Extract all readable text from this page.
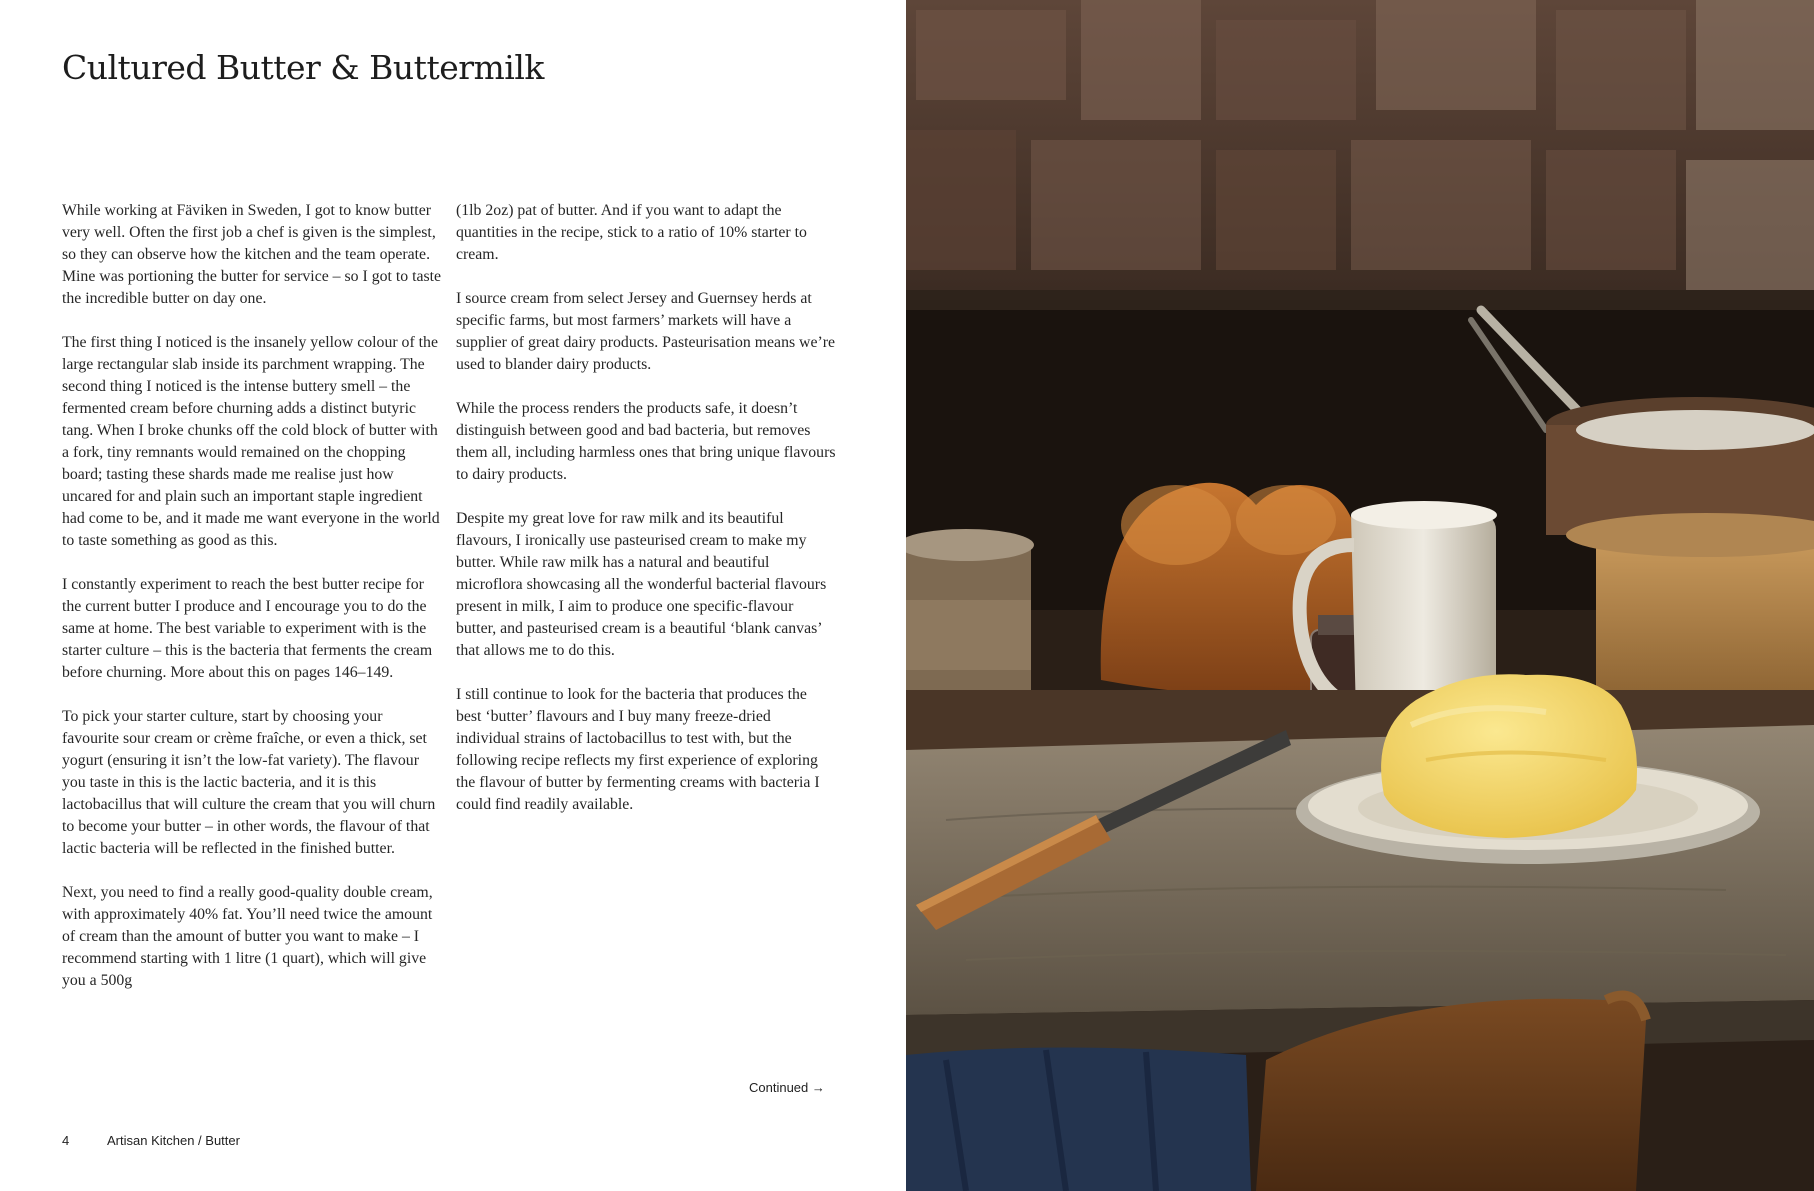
Cultured Butter & Buttermilk

While working at Fäviken in Sweden, I got to know butter very well. Often the first job a chef is given is the simplest, so they can observe how the kitchen and the team operate. Mine was portioning the butter for service – so I got to taste the incredible butter on day one.

The first thing I noticed is the insanely yellow colour of the large rectangular slab inside its parchment wrapping. The second thing I noticed is the intense buttery smell – the fermented cream before churning adds a distinct butyric tang. When I broke chunks off the cold block of butter with a fork, tiny remnants would remained on the chopping board; tasting these shards made me realise just how uncared for and plain such an important staple ingredient had come to be, and it made me want everyone in the world to taste something as good as this.

I constantly experiment to reach the best butter recipe for the current butter I produce and I encourage you to do the same at home. The best variable to experiment with is the starter culture – this is the bacteria that ferments the cream before churning. More about this on pages 146–149.

To pick your starter culture, start by choosing your favourite sour cream or crème fraîche, or even a thick, set yogurt (ensuring it isn’t the low-fat variety). The flavour you taste in this is the lactic bacteria, and it is this lactobacillus that will culture the cream that you will churn to become your butter – in other words, the flavour of that lactic bacteria will be reflected in the finished butter.

Next, you need to find a really good-quality double cream, with approximately 40% fat. You’ll need twice the amount of cream than the amount of butter you want to make – I recommend starting with 1 litre (1 quart), which will give you a 500g

(1lb 2oz) pat of butter. And if you want to adapt the quantities in the recipe, stick to a ratio of 10% starter to cream.

I source cream from select Jersey and Guernsey herds at specific farms, but most farmers’ markets will have a supplier of great dairy products. Pasteurisation means we’re used to blander dairy products.

While the process renders the products safe, it doesn’t distinguish between good and bad bacteria, but removes them all, including harmless ones that bring unique flavours to dairy products.

Despite my great love for raw milk and its beautiful flavours, I ironically use pasteurised cream to make my butter. While raw milk has a natural and beautiful microflora showcasing all the wonderful bacterial flavours present in milk, I aim to produce one specific-flavour butter, and pasteurised cream is a beautiful ‘blank canvas’ that allows me to do this.

I still continue to look for the bacteria that produces the best ‘butter’ flavours and I buy many freeze-dried individual strains of lactobacillus to test with, but the following recipe reflects my first experience of exploring the flavour of butter by fermenting creams with bacteria I could find readily available.

Continued →
4	Artisan Kitchen / Butter
